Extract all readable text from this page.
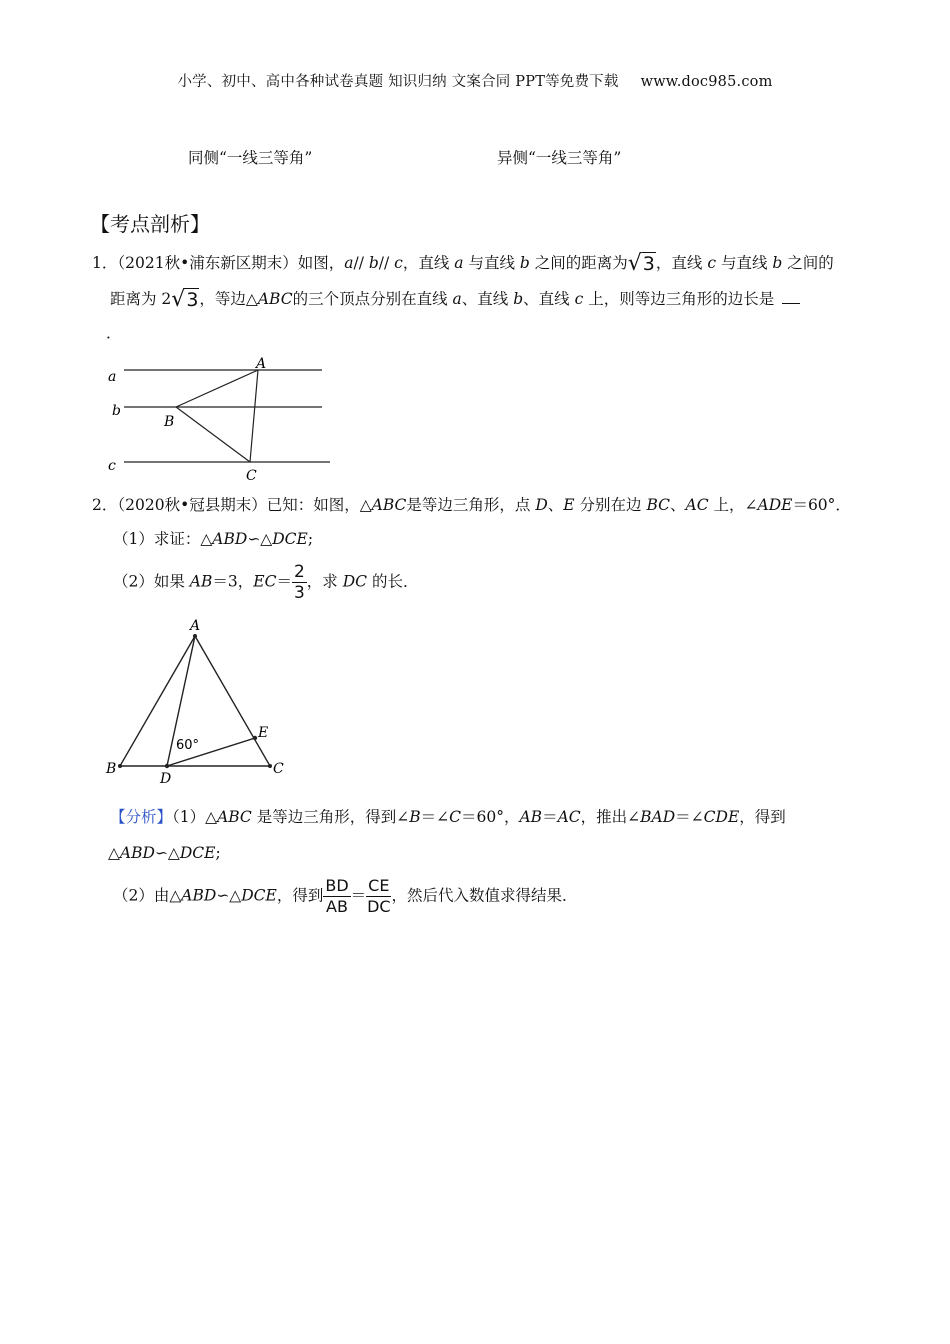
小学、初中、高中各种试卷真题 知识归纳 文案合同 PPT等免费下载 www.doc985.com
同侧“一线三等角”	异侧“一线三等角”
【考点剖析】
1．（2021秋•浦东新区期末）如图，a// b// c，直线 a 与直线 b 之间的距离为√3，直线 c 与直线 b 之间的
距离为 2√3，等边△ABC的三个顶点分别在直线 a、直线 b、直线 c 上，则等边三角形的边长是
．
a
b
c
A
B
C
2．（2020秋•冠县期末）已知：如图，△ABC是等边三角形，点 D、E 分别在边 BC、AC 上，∠ADE＝60°．
（1）求证：△ABD∽△DCE;
（2）如果 AB＝3，$EC= \frac{2}{3}$ ，求 DC 的长．
A
B	C
D
E
60°
【分析】（1）△ABC 是等边三角形，得到∠B＝∠C＝60°，AB＝AC，推出∠BAD＝∠CDE，得到
△ABD∽△DCE;
（2）由△ABD∽△DCE，得到 $\frac{BD}{AB} = \frac{CE}{DC}$ ，然后代入数值求得结果．
